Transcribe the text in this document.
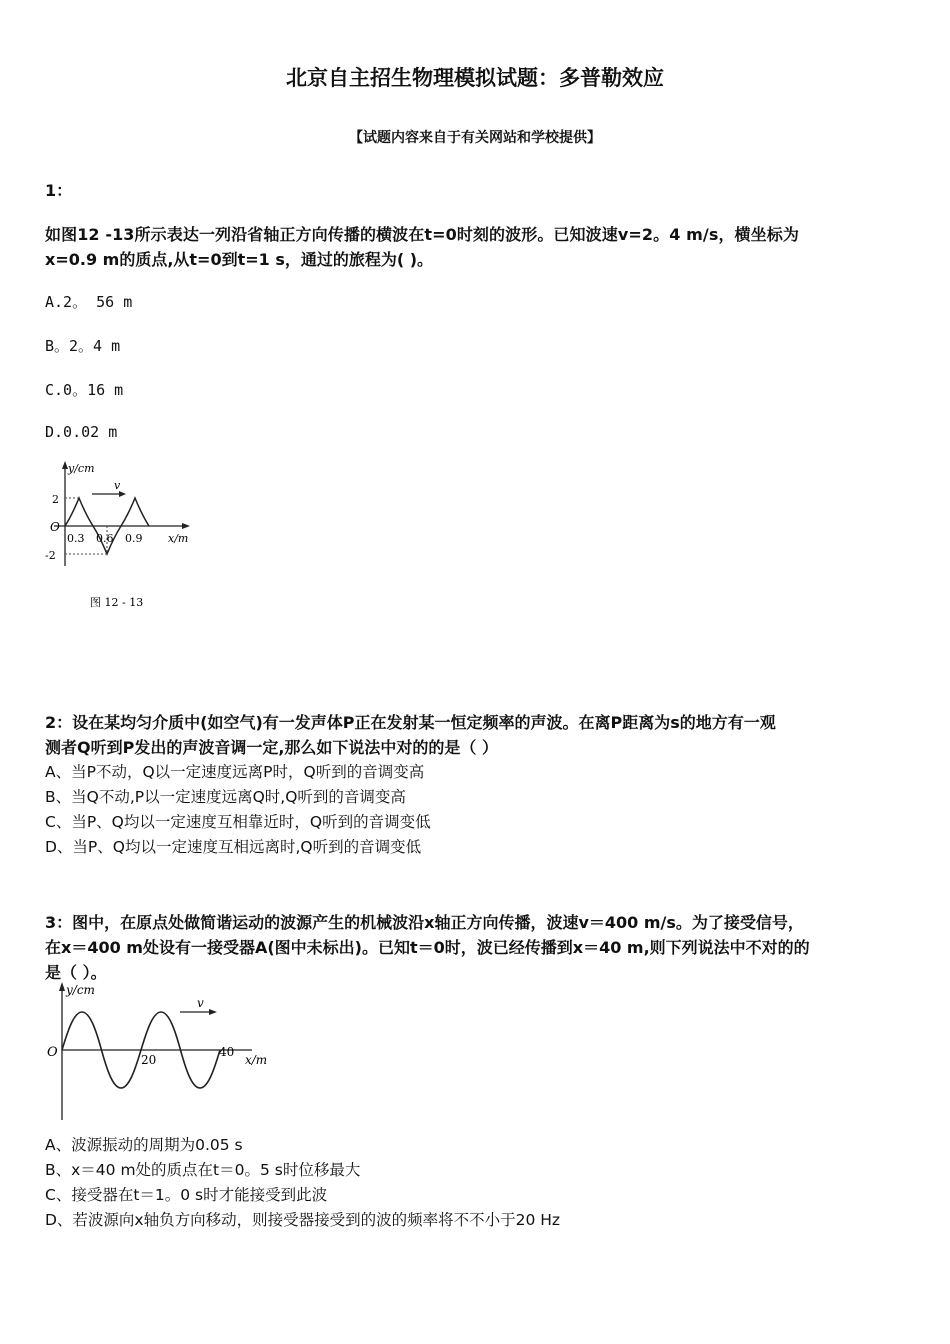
北京自主招生物理模拟试题：多普勒效应
【试题内容来自于有关网站和学校提供】
1：
如图12 -13所示表达一列沿省轴正方向传播的横波在t=0时刻的波形。已知波速v=2。4 m/s，横坐标为
x=0.9 m的质点,从t=0到t=1 s，通过的旅程为( )。
A.2。 56 m
B。2。4 m
C.0。16 m
D.0.02 m
v
y/cm
x/m
O
2
-2
0.3 0.6 0.9
图 12 - 13
2：设在某均匀介质中(如空气)有一发声体P正在发射某一恒定频率的声波。在离P距离为s的地方有一观
测者Q听到P发出的声波音调一定,那么如下说法中对的的是（ ）
A、当P不动，Q以一定速度远离P时，Q听到的音调变高
B、当Q不动,P以一定速度远离Q时,Q听到的音调变高
C、当P、Q均以一定速度互相靠近时，Q听到的音调变低
D、当P、Q均以一定速度互相远离时,Q听到的音调变低
3：图中，在原点处做简谐运动的波源产生的机械波沿x轴正方向传播，波速v＝400 m/s。为了接受信号，
在x＝400 m处设有一接受器A(图中未标出)。已知t＝0时，波已经传播到x＝40 m,则下列说法中不对的的
是（ ）。
v
y/cm
O	20
40
x/m
A、波源振动的周期为0.05 s
B、x＝40 m处的质点在t＝0。5 s时位移最大
C、接受器在t＝1。0 s时才能接受到此波
D、若波源向x轴负方向移动，则接受器接受到的波的频率将不不小于20 Hz
